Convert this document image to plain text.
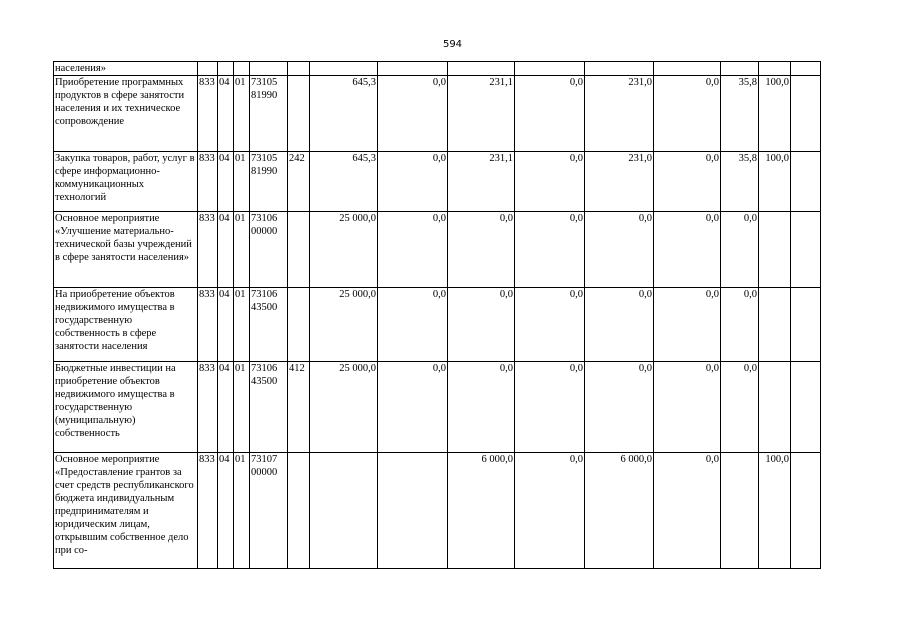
594
населения»														
Приобретение программных продуктов в сфере занятости населения и их техническое сопровождение	833	04	01	73105 81990		645,3	0,0	231,1	0,0	231,0	0,0	35,8	100,0	
Закупка товаров, работ, услуг в сфере информационно-коммуникационных технологий	833	04	01	73105 81990	242	645,3	0,0	231,1	0,0	231,0	0,0	35,8	100,0	
Основное мероприятие «Улучшение материально-технической базы учреждений в сфере занятости населения»	833	04	01	73106 00000		25 000,0	0,0	0,0	0,0	0,0	0,0	0,0		
На приобретение объектов недвижимого имущества в государственную собственность в сфере занятости населения	833	04	01	73106 43500		25 000,0	0,0	0,0	0,0	0,0	0,0	0,0		
Бюджетные инвестиции на приобретение объектов недвижимого имущества в государственную (муниципальную) собственность	833	04	01	73106 43500	412	25 000,0	0,0	0,0	0,0	0,0	0,0	0,0		
Основное мероприятие «Предоставление грантов за счет средств республиканского бюджета индивидуальным предпринимателям и юридическим лицам, открывшим собственное дело при со-	833	04	01	73107 00000				6 000,0	0,0	6 000,0	0,0		100,0	
